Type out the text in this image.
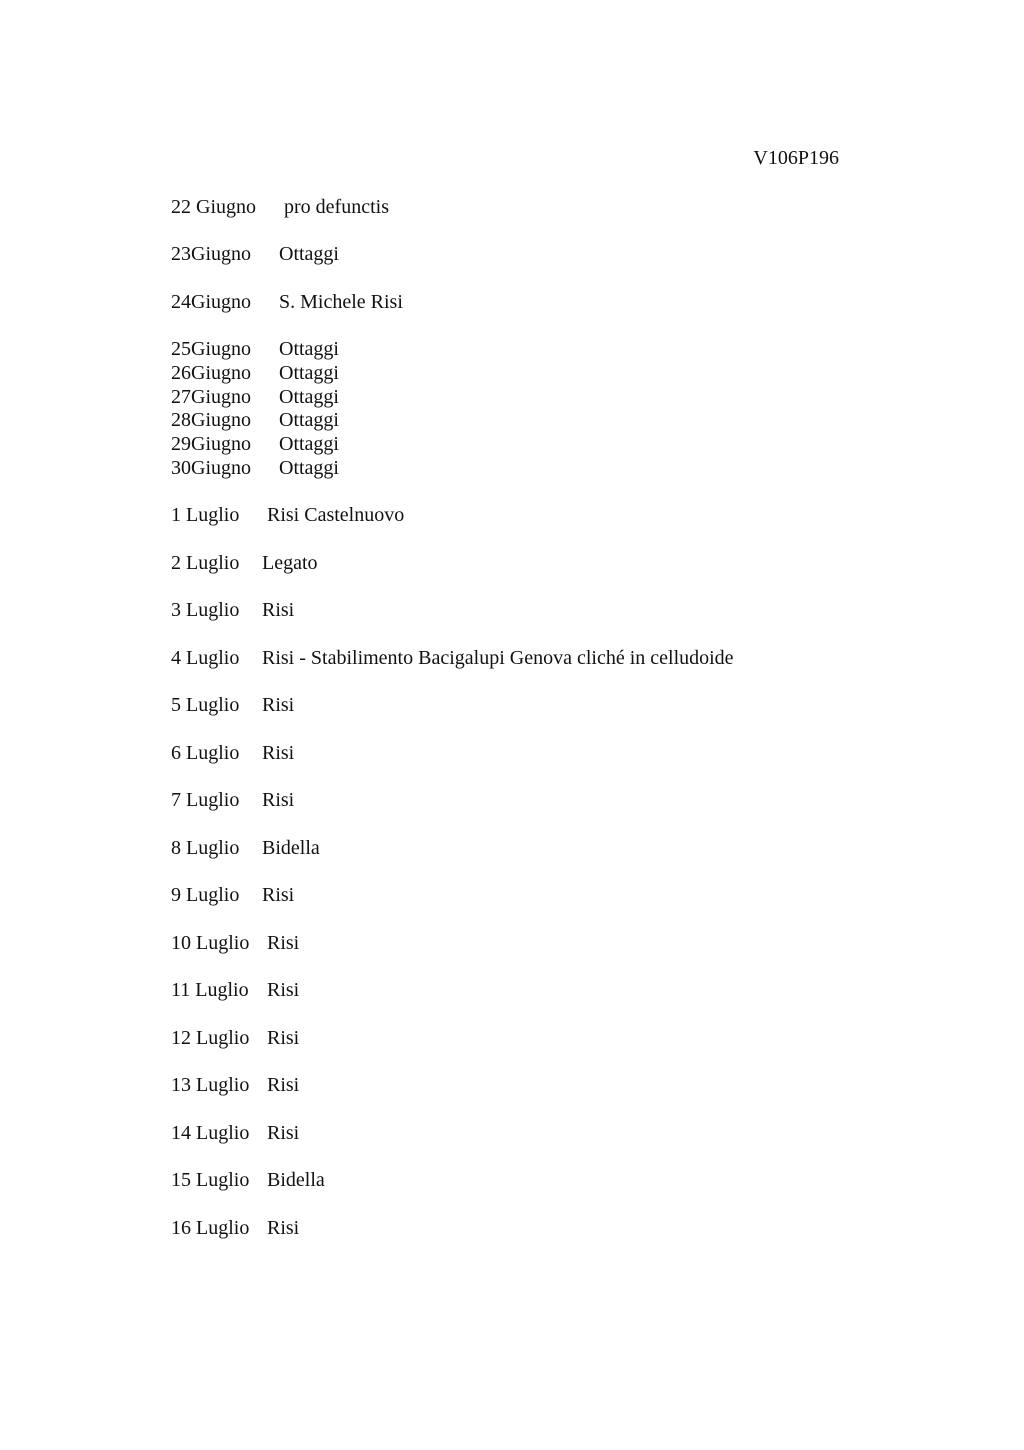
V106P196
22 Giugno pro defunctis
23Giugno Ottaggi
24Giugno S. Michele Risi
25Giugno Ottaggi
26Giugno Ottaggi
27Giugno Ottaggi
28Giugno Ottaggi
29Giugno Ottaggi
30Giugno Ottaggi
1 Luglio Risi Castelnuovo
2 Luglio Legato
3 Luglio Risi
4 Luglio Risi - Stabilimento Bacigalupi Genova cliché in celludoide
5 Luglio Risi
6 Luglio Risi
7 Luglio Risi
8 Luglio Bidella
9 Luglio Risi
10 Luglio Risi
11 Luglio Risi
12 Luglio Risi
13 Luglio Risi
14 Luglio Risi
15 Luglio Bidella
16 Luglio Risi
